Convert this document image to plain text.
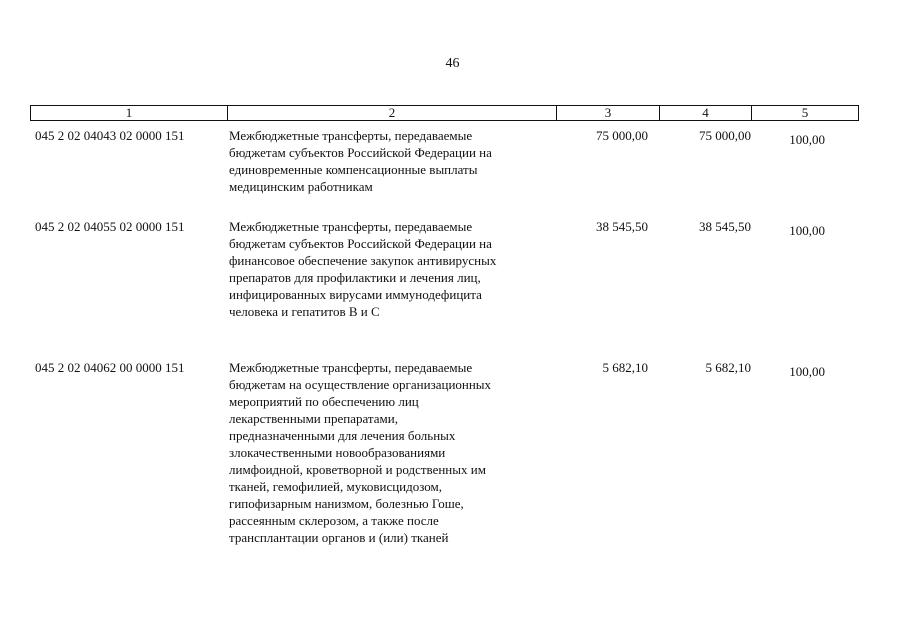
46
1	2	3	4	5
045 2 02 04043 02 0000 151	Межбюджетные трансферты, передаваемые
бюджетам субъектов Российской Федерации на
единовременные компенсационные выплаты
медицинским работникам
75 000,00	75 000,00	100,00
045 2 02 04055 02 0000 151	Межбюджетные трансферты, передаваемые
бюджетам субъектов Российской Федерации на
финансовое обеспечение закупок антивирусных
препаратов для профилактики и лечения лиц,
инфицированных вирусами иммунодефицита
человека и гепатитов В и С
38 545,50	38 545,50	100,00
045 2 02 04062 00 0000 151	Межбюджетные трансферты, передаваемые
бюджетам на осуществление организационных
мероприятий по обеспечению лиц
лекарственными препаратами,
предназначенными для лечения больных
злокачественными новообразованиями
лимфоидной, кроветворной и родственных им
тканей, гемофилией, муковисцидозом,
гипофизарным нанизмом, болезнью Гоше,
рассеянным склерозом, а также после
трансплантации органов и (или) тканей
5 682,10	5 682,10	100,00
